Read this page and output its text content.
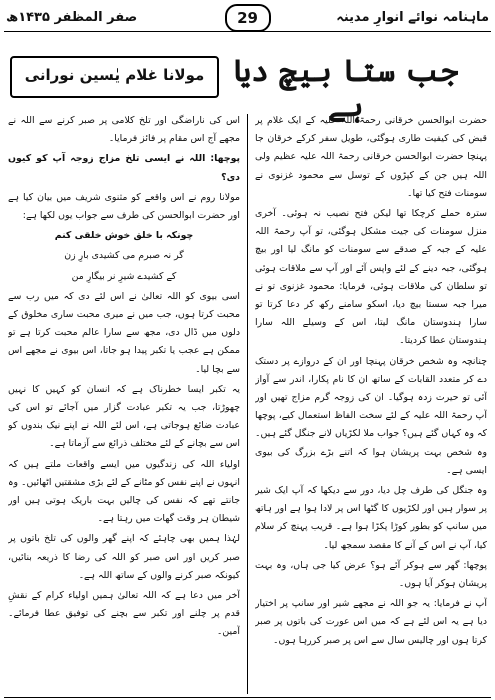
صفر المظفر ۱۴۳۵ھ	29	ماہنامہ نوائے انوارِ مدینہ
جب ستا بیچ دیا ہے
مولانا غلام یٰسین نورانی

حضرت ابوالحسن خرقانی رحمۃ اللہ علیہ کے ایک غلام پر قبض کی کیفیت طاری ہوگئی، طویل سفر کرکے خرقان جا پہنچا حضرت ابوالحسن خرقانی رحمۃ اللہ علیہ عظیم ولی اللہ ہیں جن کے کپڑوں کے توسل سے محمود غزنوی نے سومنات فتح کیا تھا۔

سترہ حملے کرچکا تھا لیکن فتح نصیب نہ ہوئی۔ آخری منزل سومنات کی جیت مشکل ہوگئی، تو آپ رحمۃ اللہ علیہ کے جبہ کے صدقے سے سومنات کو مانگ لیا اور بیچ ہوگئی، جبہ دینے کے لئے واپس آئے اور آپ سے ملاقات ہوئی تو سلطان کی ملاقات ہوئی، فرمایا: محمود غزنوی تو نے میرا جبہ سستا بیچ دیا، اسکو سامنے رکھ کر دعا کرتا تو سارا ہندوستان مانگ لیتا، اس کے وسیلے اللہ سارا ہندوستان عطا کردیتا۔

چنانچہ وہ شخص خرقان پہنچا اور ان کے دروازے پر دستک دے کر متعدد القابات کے ساتھ ان کا نام پکارا، اندر سے آواز آئی تو حیرت زدہ ہوگیا۔ ان کی زوجہ گرم مزاج تھیں اور آپ رحمۃ اللہ علیہ کے لئے سخت الفاظ استعمال کیے، پوچھا کہ وہ کہاں گئے ہیں؟ جواب ملا لکڑیاں لانے جنگل گئے ہیں۔ وہ شخص بہت پریشان ہوا کہ اتنے بڑے بزرگ کی بیوی ایسی ہے۔

وہ جنگل کی طرف چل دیا، دور سے دیکھا کہ آپ ایک شیر پر سوار ہیں اور لکڑیوں کا گٹھا اس پر لادا ہوا ہے اور ہاتھ میں سانپ کو بطور کوڑا پکڑا ہوا ہے۔ قریب پہنچ کر سلام کیا، آپ نے اس کے آنے کا مقصد سمجھ لیا۔

پوچھا: گھر سے ہوکر آئے ہو؟ عرض کیا جی ہاں، وہ بہت پریشان ہوکر آیا ہوں۔

آپ نے فرمایا: یہ جو اللہ نے مجھے شیر اور سانپ پر اختیار دیا ہے یہ اس لئے ہے کہ میں اس عورت کی باتوں پر صبر کرتا ہوں اور چالیس سال سے اس پر صبر کررہا ہوں۔

اس کی ناراضگی اور تلخ کلامی پر صبر کرنے سے اللہ نے مجھے آج اس مقام پر فائز فرمایا۔

پوچھا: اللہ نے ایسی تلخ مزاج زوجہ آپ کو کیوں دی؟

مولانا روم نے اس واقعے کو مثنوی شریف میں بیان کیا ہے اور حضرت ابوالحسن کی طرف سے جواب یوں لکھا ہے:

چونکہ با خلق خوش خلقی کنم

گر نہ صبرم می کشیدی بارِ زن

کے کشیدے شیرِ نر بیگارِ من

اسی بیوی کو اللہ تعالیٰ نے اس لئے دی کہ میں رب سے محبت کرتا ہوں، جب میں نے میری محبت ساری مخلوق کے دلوں میں ڈال دی، مجھ سے سارا عالم محبت کرتا ہے تو ممکن ہے عجب یا تکبر پیدا ہو جاتا، اس بیوی نے مجھے اس سے بچا لیا۔

یہ تکبر ایسا خطرناک ہے کہ انسان کو کہیں کا نہیں چھوڑتا، جب یہ تکبر عبادت گزار میں آجائے تو اس کی عبادت ضائع ہوجاتی ہے، اس لئے اللہ نے اپنے نیک بندوں کو اس سے بچانے کے لئے مختلف ذرائع سے آزماتا ہے۔

اولیاء اللہ کی زندگیوں میں ایسے واقعات ملتے ہیں کہ انہوں نے اپنے نفس کو مٹانے کے لئے بڑی مشقتیں اٹھائیں۔ وہ جانتے تھے کہ نفس کی چالیں بہت باریک ہوتی ہیں اور شیطان ہر وقت گھات میں رہتا ہے۔

لہٰذا ہمیں بھی چاہئے کہ اپنے گھر والوں کی تلخ باتوں پر صبر کریں اور اس صبر کو اللہ کی رضا کا ذریعہ بنائیں، کیونکہ صبر کرنے والوں کے ساتھ اللہ ہے۔

آخر میں دعا ہے کہ اللہ تعالیٰ ہمیں اولیاء کرام کے نقشِ قدم پر چلنے اور تکبر سے بچنے کی توفیق عطا فرمائے۔ آمین۔
